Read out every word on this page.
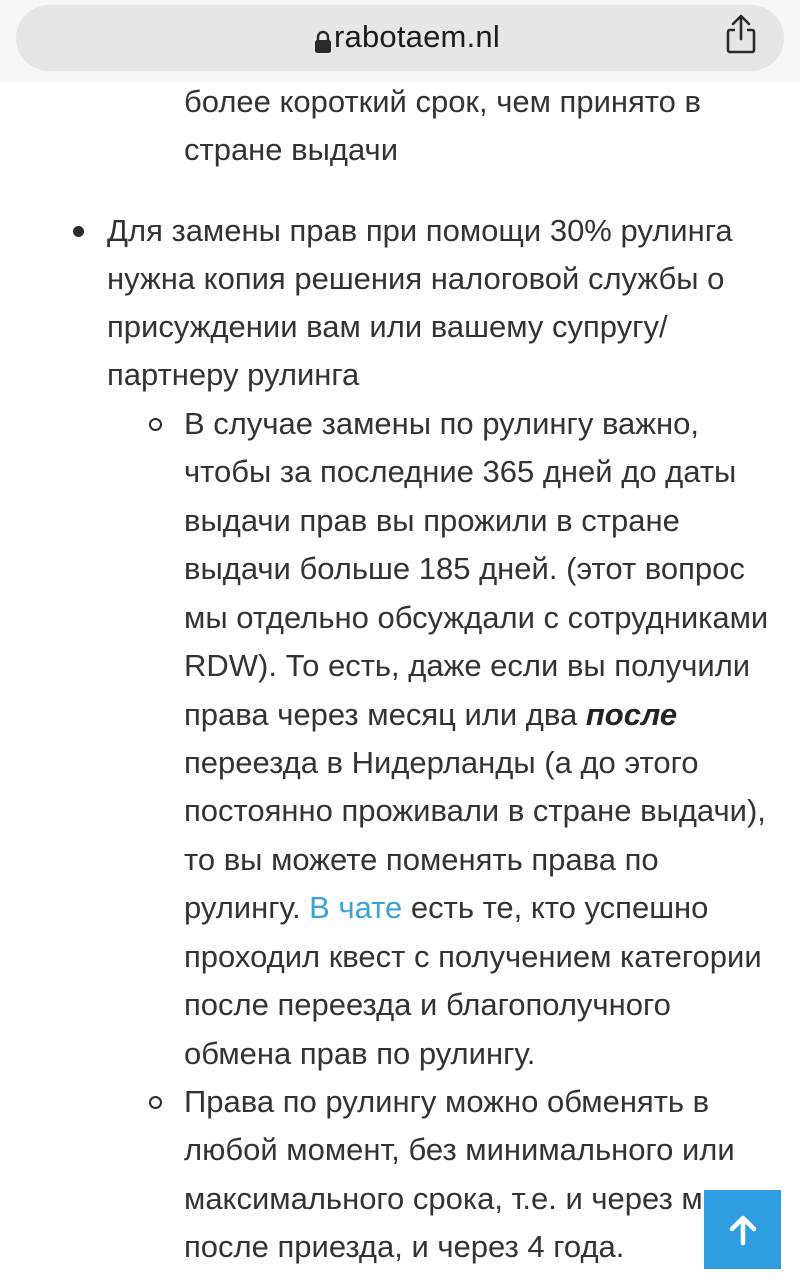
более короткий срок, чем принято в
стране выдачи
Для замены прав при помощи 30% рулинга
нужна копия решения налоговой службы о
присуждении вам или вашему супругу/
партнеру рулинга
В случае замены по рулингу важно,
чтобы за последние 365 дней до даты
выдачи прав вы прожили в стране
выдачи больше 185 дней. (этот вопрос
мы отдельно обсуждали с сотрудниками
RDW). То есть, даже если вы получили
права через месяц или два после
переезда в Нидерланды (а до этого
постоянно проживали в стране выдачи),
то вы можете поменять права по
рулингу. В чате есть те, кто успешно
проходил квест с получением категории
после переезда и благополучного
обмена прав по рулингу.
Права по рулингу можно обменять в
любой момент, без минимального или
максимального срока, т.е. и через м
после приезда, и через 4 года.
rabotaem.nl
